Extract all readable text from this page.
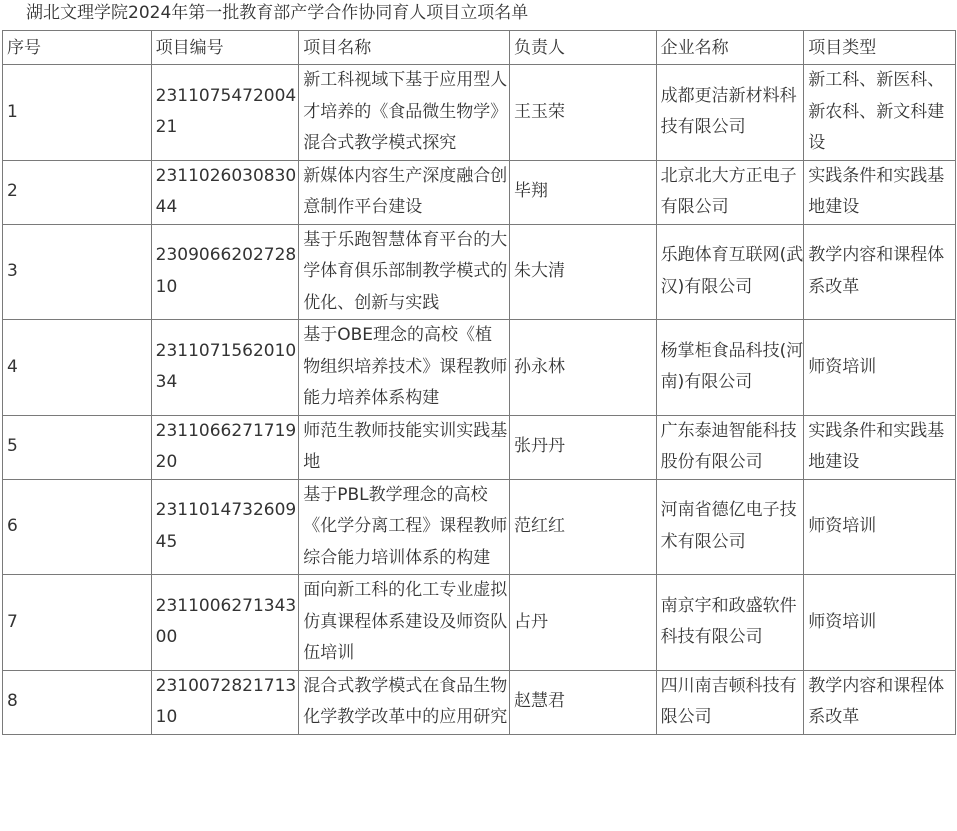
湖北文理学院2024年第一批教育部产学合作协同育人项目立项名单
序号	项目编号	项目名称	负责人	企业名称	项目类型
1	231107547200421	新工科视域下基于应用型人才培养的《食品微生物学》混合式教学模式探究	王玉荣	成都更洁新材料科技有限公司	新工科、新医科、新农科、新文科建设
2	231102603083044	新媒体内容生产深度融合创意制作平台建设	毕翔	北京北大方正电子有限公司	实践条件和实践基地建设
3	230906620272810	基于乐跑智慧体育平台的大学体育俱乐部制教学模式的优化、创新与实践	朱大清	乐跑体育互联网(武汉)有限公司	教学内容和课程体系改革
4	231107156201034	基于OBE理念的高校《植物组织培养技术》课程教师能力培养体系构建	孙永林	杨掌柜食品科技(河南)有限公司	师资培训
5	231106627171920	师范生教师技能实训实践基地	张丹丹	广东泰迪智能科技股份有限公司	实践条件和实践基地建设
6	231101473260945	基于PBL教学理念的高校《化学分离工程》课程教师综合能力培训体系的构建	范红红	河南省德亿电子技术有限公司	师资培训
7	231100627134300	面向新工科的化工专业虚拟仿真课程体系建设及师资队伍培训	占丹	南京宇和政盛软件科技有限公司	师资培训
8	231007282171310	混合式教学模式在食品生物化学教学改革中的应用研究	赵慧君	四川南吉顿科技有限公司	教学内容和课程体系改革
